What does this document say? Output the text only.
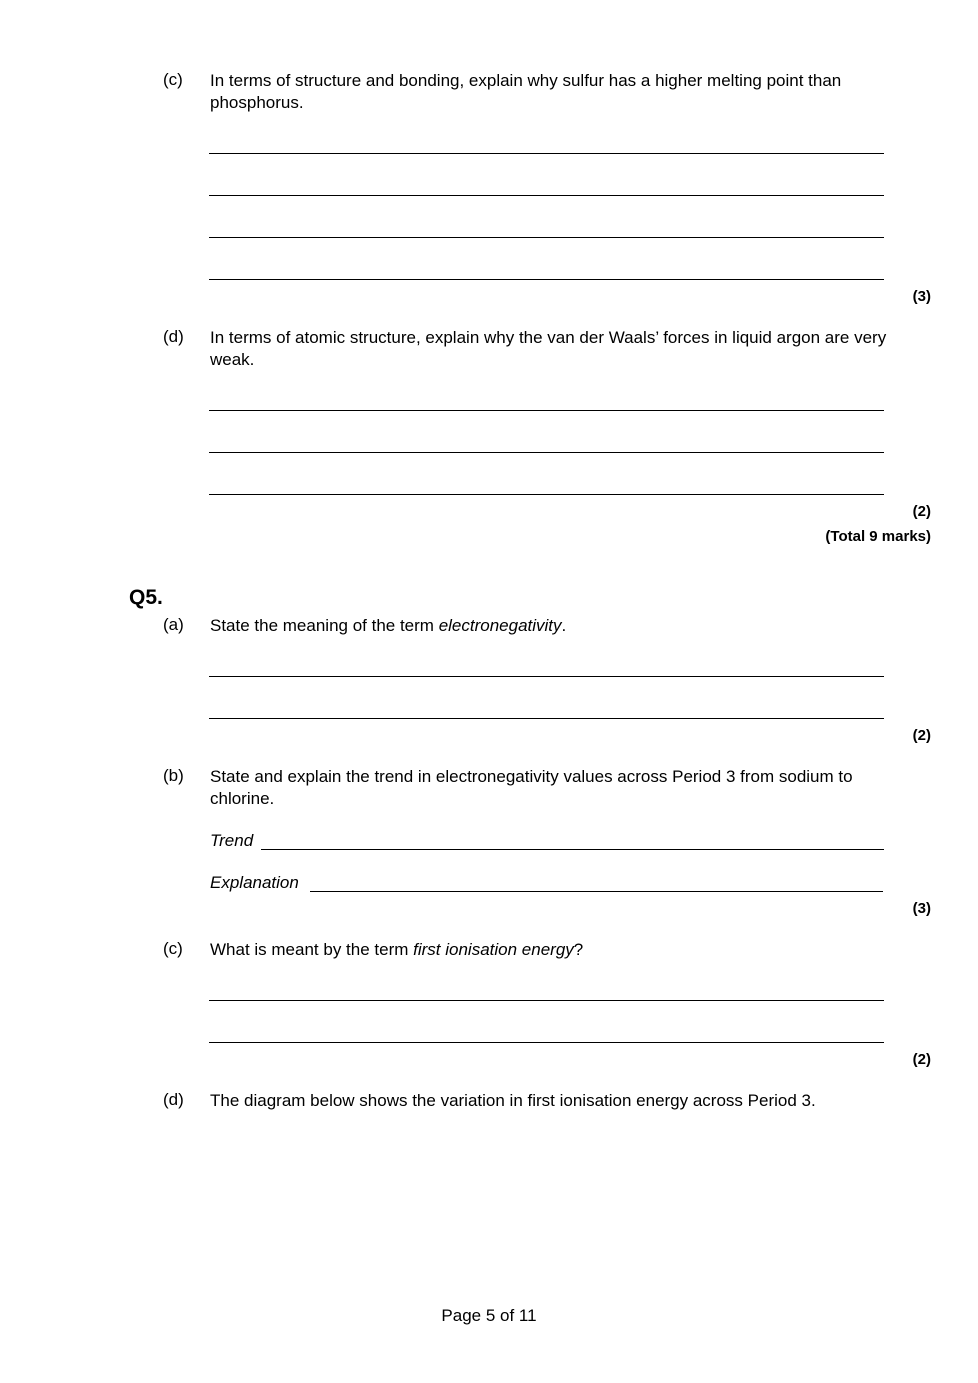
(c) In terms of structure and bonding, explain why sulfur has a higher melting point than phosphorus.
(3)
(d) In terms of atomic structure, explain why the van der Waals’ forces in liquid argon are very weak.
(2)
(Total 9 marks)
Q5.
(a) State the meaning of the term electronegativity.
(2)
(b) State and explain the trend in electronegativity values across Period 3 from sodium to chlorine.
Trend
Explanation
(3)
(c) What is meant by the term first ionisation energy?
(2)
(d) The diagram below shows the variation in first ionisation energy across Period 3.
Page 5 of 11
